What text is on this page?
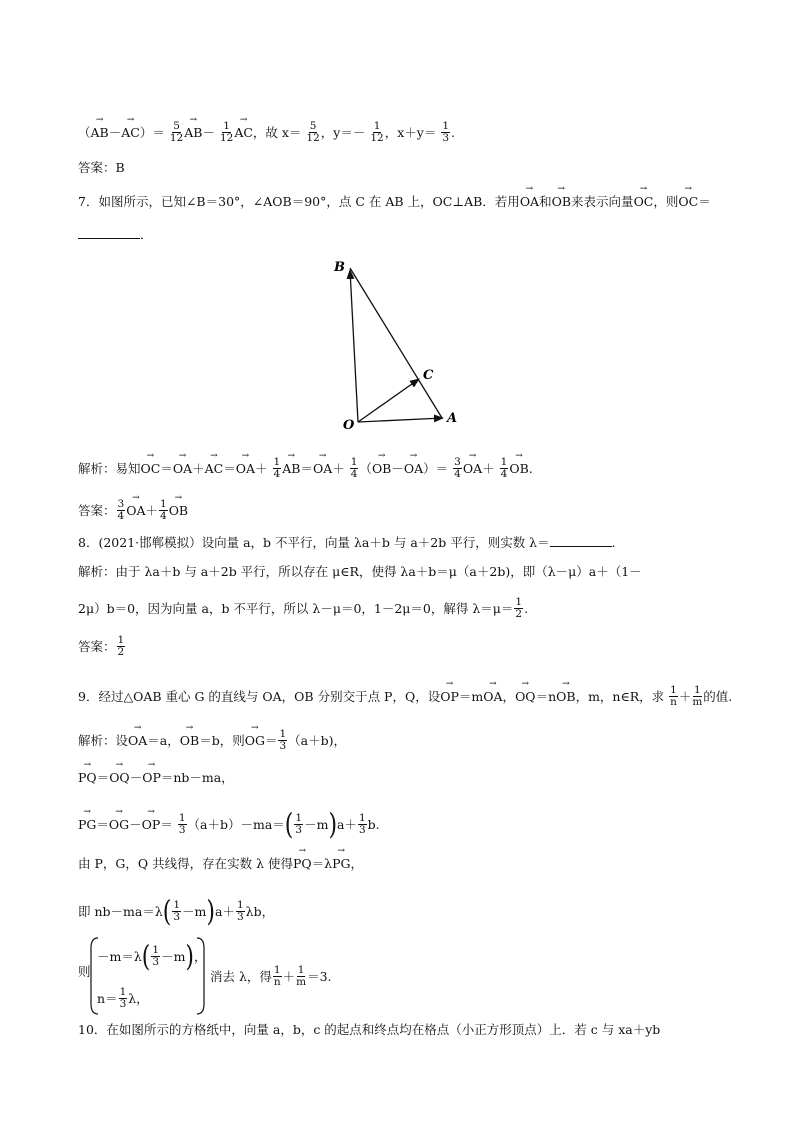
（→ $AB-\to AC)= \frac{5}{12}$
→ $AB- \frac{1}{12}$
→ AC，故 $x= \frac{5}{12}$ ，$y=- \frac{1}{12}$ ，$x+y= \frac{1}{3}$ .
答案：B
7．如图所示，已知∠B＝30°，∠AOB＝90°，点 C 在 AB 上，OC⊥AB．若用→ OA和→ OB来表示向量→ OC，则→ OC＝
．
B
C
O	A
解析：易知→ $OC=\to OA+\to AC=\to OA+ \frac{1}{4}$
→ $AB=\to OA+ \frac{1}{4}$ （→ $OB-\to OA)= \frac{3}{4}$
→ $OA+ \frac{1}{4}$
→ OB.
答案： $\frac{3}{4}$
→ $OA+ \frac{1}{4}$
→ OB
8．(2021·邯郸模拟）设向量 a，b 不平行，向量 λa＋b 与 a＋2b 平行，则实数 λ＝	.
解析：由于 λa＋b 与 a＋2b 平行，所以存在 μ∈R，使得 λa＋b＝μ（a＋2b)，即（λ－μ）a＋（1－
2μ）b＝0，因为向量 a，b 不平行，所以 λ－μ＝0，1－2μ＝0，解得 $\lambda=\mu= \frac{1}{2}$ .
答案： $\frac{1}{2}$
9．经过△OAB 重心 G 的直线与 OA，OB 分别交于点 P，Q，设→ OP＝m→ OA，→ OQ＝n→ OB，m，n∈R，求 $\frac{1}{n} + \frac{1}{m}$ 的值.
解析：设→ OA＝a，→ OB＝b，则→ $OG= \frac{1}{3} (a+b)$，
→ PQ＝→ OQ－→ OP＝nb－ma，
→ $PG=\to OG-\to OP= \frac{1}{3} (a+b)-ma=( \frac{1}{3} -m)a+ \frac{1}{3} b$.
由 P，G，Q 共线得，存在实数 λ 使得→ PQ＝λ→ PG，
即 $nb-ma=\lambda( \frac{1}{3} -m)a+ \frac{1}{3}$ λb，
则
$-m=\lambda( \frac{1}{3} -m)$，
$n= \frac{1}{3}$ λ，
消去 λ，得 $\frac{1}{n} + \frac{1}{m} =3$.
10．在如图所示的方格纸中，向量 a，b，c 的起点和终点均在格点（小正方形顶点）上．若 c 与 xa＋yb
